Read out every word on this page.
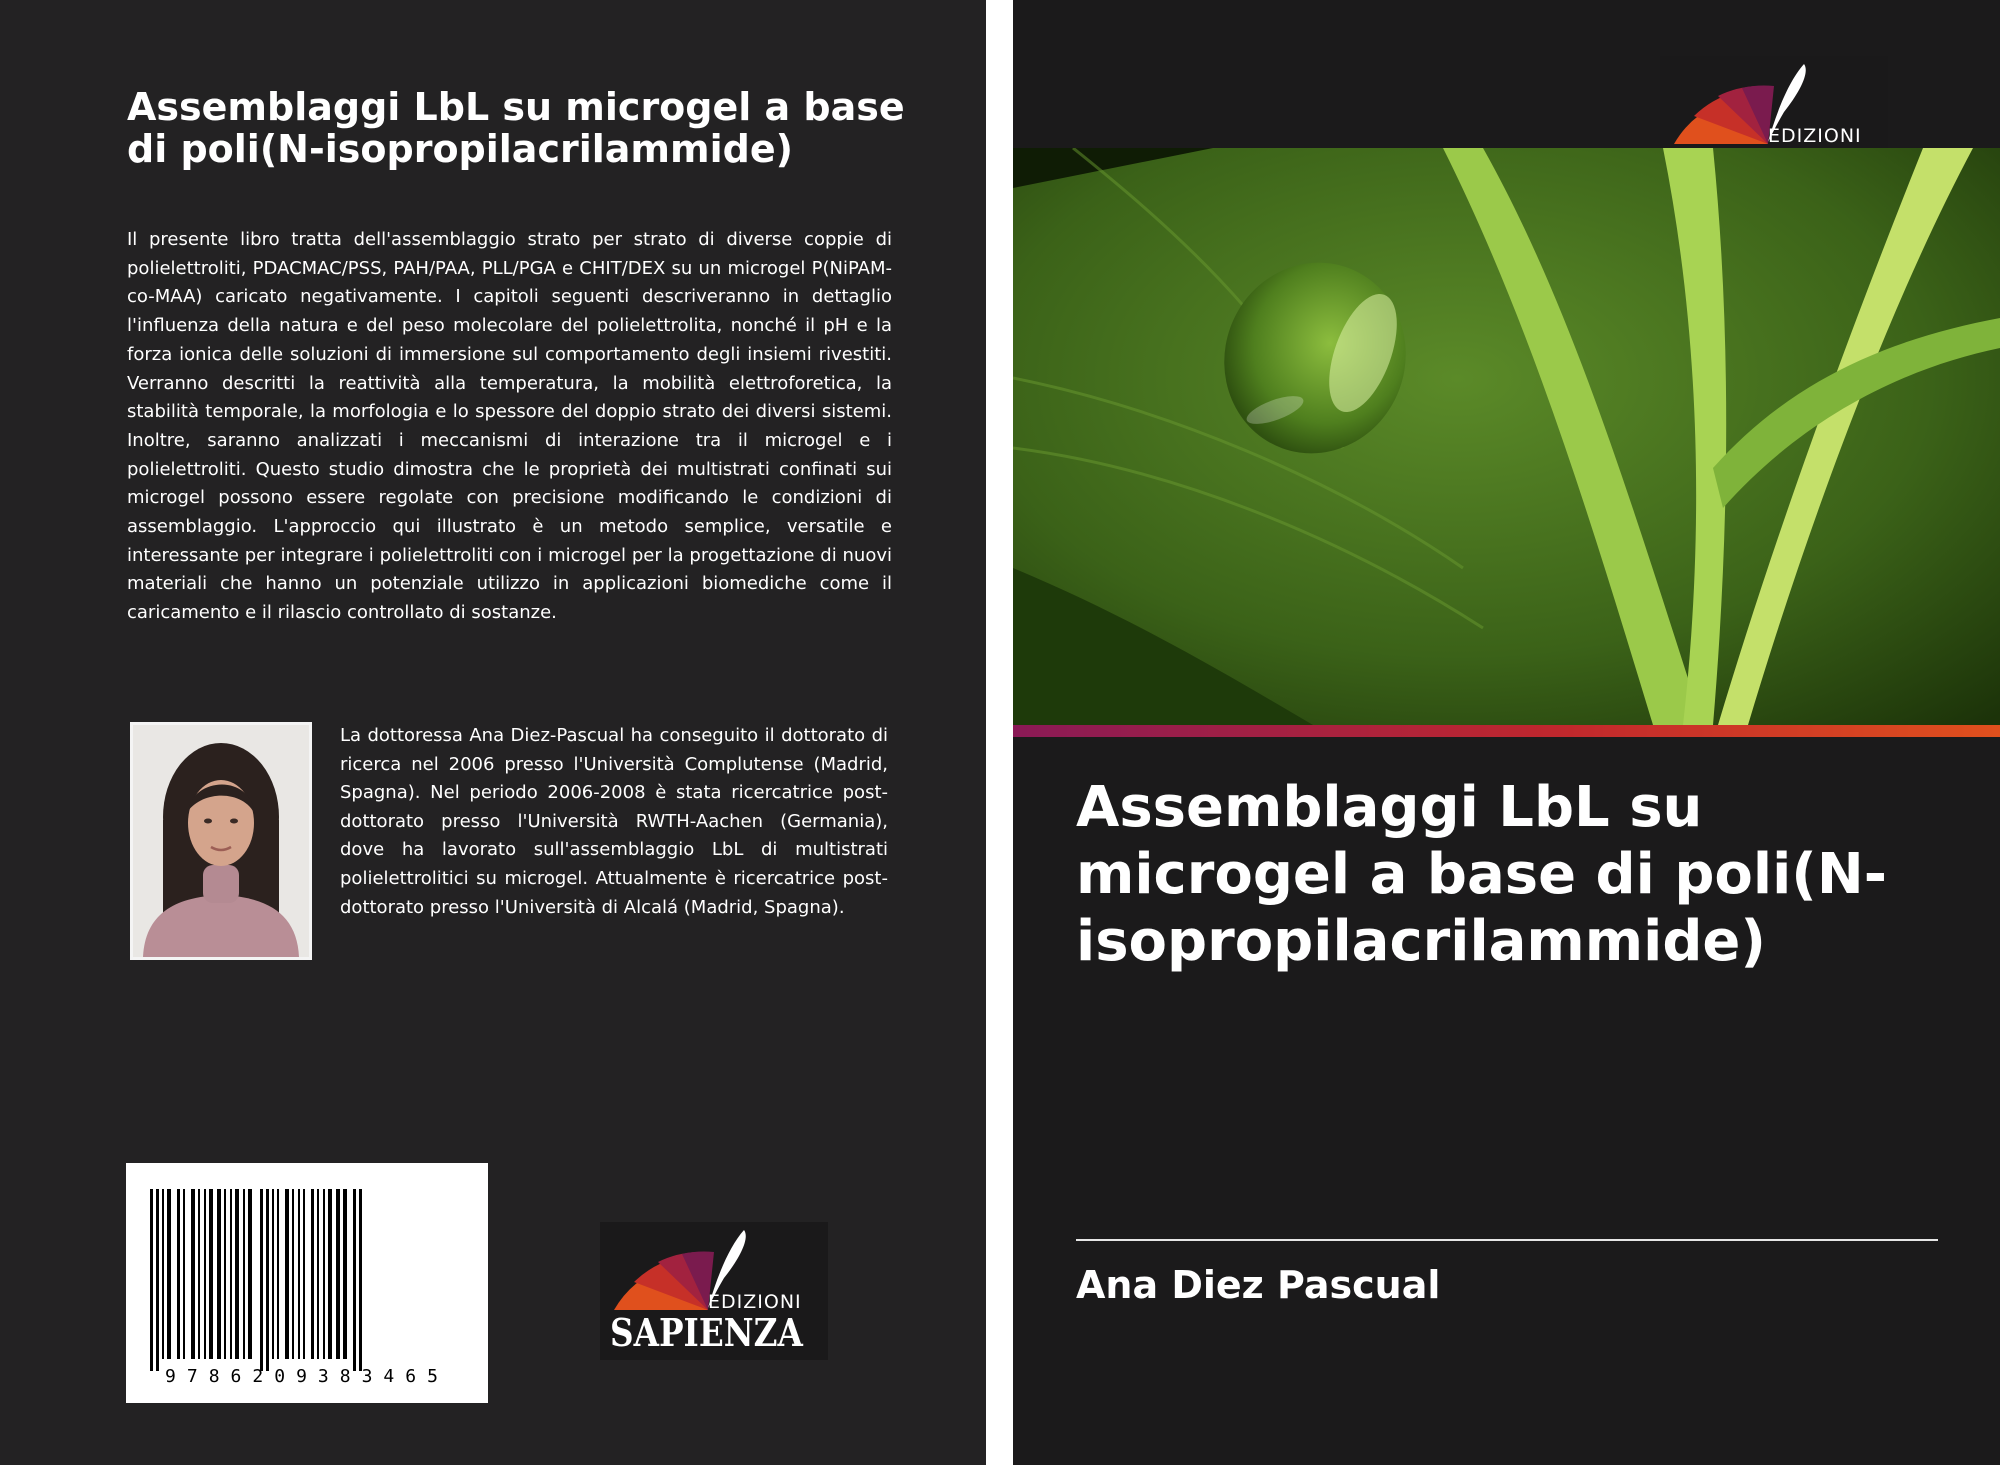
Assemblaggi LbL su microgel a base di poli(N-isopropilacrilammide)

Il presente libro tratta dell'assemblaggio strato per strato di diverse coppie di polielettroliti, PDACMAC/PSS, PAH/PAA, PLL/PGA e CHIT/DEX su un microgel P(NiPAM-co-MAA) caricato negativamente. I capitoli seguenti descriveranno in dettaglio l'influenza della natura e del peso molecolare del polielettrolita, nonché il pH e la forza ionica delle soluzioni di immersione sul comportamento degli insiemi rivestiti. Verranno descritti la reattività alla temperatura, la mobilità elettroforetica, la stabilità temporale, la morfologia e lo spessore del doppio strato dei diversi sistemi. Inoltre, saranno analizzati i meccanismi di interazione tra il microgel e i polielettroliti. Questo studio dimostra che le proprietà dei multistrati confinati sui microgel possono essere regolate con precisione modificando le condizioni di assemblaggio. L'approccio qui illustrato è un metodo semplice, versatile e interessante per integrare i polielettroliti con i microgel per la progettazione di nuovi materiali che hanno un potenziale utilizzo in applicazioni biomediche come il caricamento e il rilascio controllato di sostanze.

La dottoressa Ana Diez-Pascual ha conseguito il dottorato di ricerca nel 2006 presso l'Università Complutense (Madrid, Spagna). Nel periodo 2006-2008 è stata ricercatrice post-dottorato presso l'Università RWTH-Aachen (Germania), dove ha lavorato sull'assemblaggio LbL di multistrati polielettrolitici su microgel. Attualmente è ricercatrice post-dottorato presso l'Università di Alcalá (Madrid, Spagna).

9786209383465
EDIZIONI
SAPIENZA
EDIZIONI
Assemblaggi LbL su microgel a base di poli(N-isopropilacrilammide)

Ana Diez Pascual
